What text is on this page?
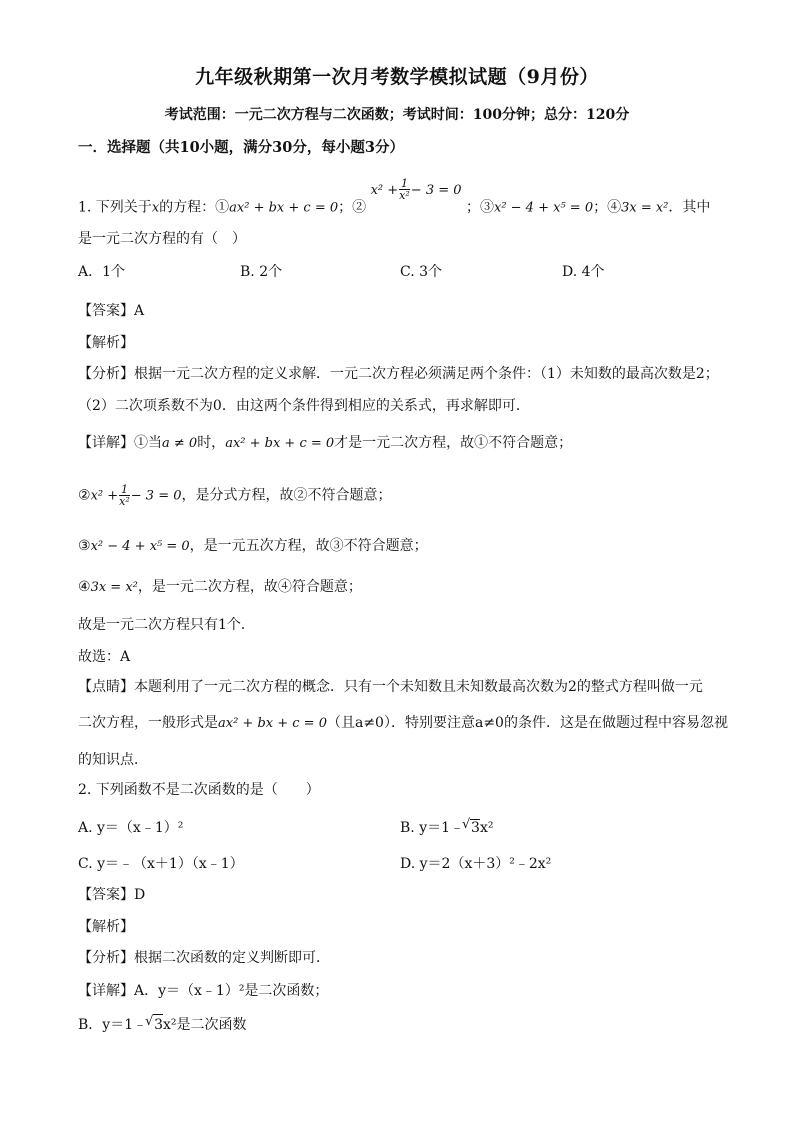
九年级秋期第一次月考数学模拟试题（9月份）
考试范围：一元二次方程与二次函数；考试时间：100分钟；总分：120分
一．选择题（共10小题，满分30分，每小题3分）
1. 下列关于x的方程：①ax² + bx + c = 0；② $x^2 + \frac{1}{\text{x²}} - 3 = 0$ ；③x² − 4 + x⁵ = 0；④3x = x²．其中
是一元二次方程的有（　）
A．1个	B. 2个	C. 3个	D. 4个
【答案】A
【解析】
【分析】根据一元二次方程的定义求解．一元二次方程必须满足两个条件：（1）未知数的最高次数是2；
（2）二次项系数不为0．由这两个条件得到相应的关系式，再求解即可．
【详解】①当a ≠ 0时，ax² + bx + c = 0才是一元二次方程，故①不符合题意；
②x² + $\frac{1}{\text{x²}} - 3 = 0$，是分式方程，故②不符合题意；
③x² − 4 + x⁵ = 0，是一元五次方程，故③不符合题意；
④3x = x²，是一元二次方程，故④符合题意；
故是一元二次方程只有1个．
故选：A
【点睛】本题利用了一元二次方程的概念．只有一个未知数且未知数最高次数为2的整式方程叫做一元
二次方程，一般形式是ax² + bx + c = 0（且a≠0）．特别要注意a≠0的条件．这是在做题过程中容易忽视
的知识点．
2. 下列函数不是二次函数的是（　　）
A. y＝（x﹣1）²	B. y＝1﹣ √ 3x²
C. y＝﹣（x＋1）（x﹣1）	D. y＝2（x＋3）²﹣2x²
【答案】D
【解析】
【分析】根据二次函数的定义判断即可．
【详解】A．y＝（x﹣1）²是二次函数；
B．y＝1﹣ √ 3x²是二次函数
